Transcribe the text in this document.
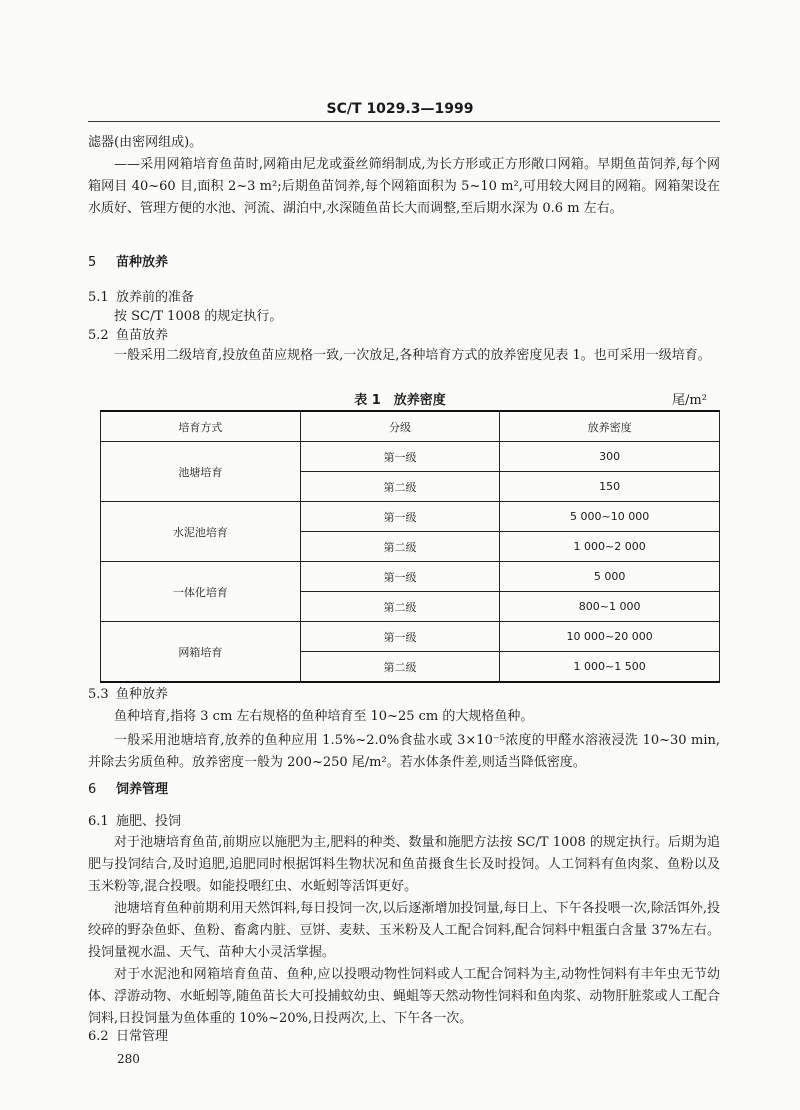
SC/T 1029.3—1999

滤器(由密网组成)。

——采用网箱培育鱼苗时,网箱由尼龙或蚕丝筛绢制成,为长方形或正方形敞口网箱。早期鱼苗饲养,每个网箱网目 40~60 目,面积 2~3 m²;后期鱼苗饲养,每个网箱面积为 5~10 m²,可用较大网目的网箱。网箱架设在水质好、管理方便的水池、河流、湖泊中,水深随鱼苗长大而调整,至后期水深为 0.6 m 左右。

5 苗种放养
5.1 放养前的准备

按 SC/T 1008 的规定执行。

5.2 鱼苗放养

一般采用二级培育,投放鱼苗应规格一致,一次放足,各种培育方式的放养密度见表 1。也可采用一级培育。

表 1　放养密度	尾/m²
培育方式	分级	放养密度
池塘培育	第一级	300
	第二级	150
水泥池培育	第一级	5 000~10 000
	第二级	1 000~2 000
一体化培育	第一级	5 000
	第二级	800~1 000
网箱培育	第一级	10 000~20 000
	第二级	1 000~1 500
5.3 鱼种放养

鱼种培育,指将 3 cm 左右规格的鱼种培育至 10~25 cm 的大规格鱼种。

一般采用池塘培育,放养的鱼种应用 1.5%~2.0%食盐水或 3×10⁻⁵浓度的甲醛水溶液浸洗 10~30 min,并除去劣质鱼种。放养密度一般为 200~250 尾/m²。若水体条件差,则适当降低密度。

6 饲养管理
6.1 施肥、投饲

对于池塘培育鱼苗,前期应以施肥为主,肥料的种类、数量和施肥方法按 SC/T 1008 的规定执行。后期为追肥与投饲结合,及时追肥,追肥同时根据饵料生物状况和鱼苗摄食生长及时投饲。人工饲料有鱼肉浆、鱼粉以及玉米粉等,混合投喂。如能投喂红虫、水蚯蚓等活饵更好。

池塘培育鱼种前期利用天然饵料,每日投饲一次,以后逐渐增加投饲量,每日上、下午各投喂一次,除活饵外,投绞碎的野杂鱼虾、鱼粉、畜禽内脏、豆饼、麦麸、玉米粉及人工配合饲料,配合饲料中粗蛋白含量 37%左右。投饲量视水温、天气、苗种大小灵活掌握。

对于水泥池和网箱培育鱼苗、鱼种,应以投喂动物性饲料或人工配合饲料为主,动物性饲料有丰年虫无节幼体、浮游动物、水蚯蚓等,随鱼苗长大可投捕蚊幼虫、蝇蛆等天然动物性饲料和鱼肉浆、动物肝脏浆或人工配合饲料,日投饲量为鱼体重的 10%~20%,日投两次,上、下午各一次。

6.2 日常管理
280
